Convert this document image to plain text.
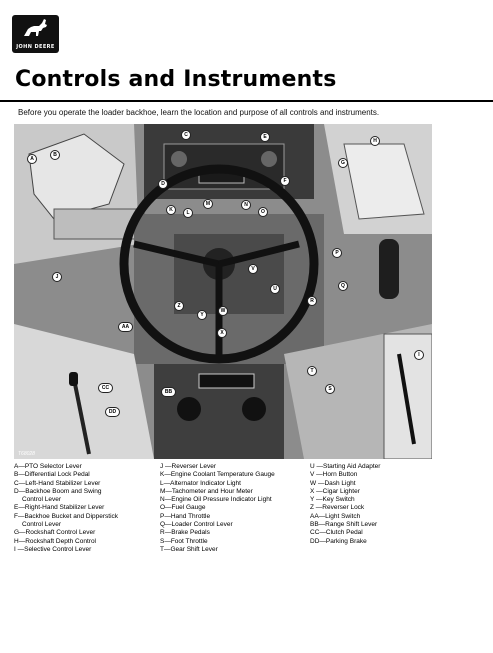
JOHN DEERE
Controls and Instruments
Before you operate the loader backhoe, learn the location and purpose of all controls and instruments.
T68028
A
B
C	E
D	F
G
H
K	L
M	N
O
J
P
Q
R
U
V
W
X
Y
Z
AA
BB
CC
DD
T
S
I
A—PTO Selector Lever
B—Differential Lock Pedal
C—Left-Hand Stabilizer Lever
D—Backhoe Boom and Swing
Control Lever
E—Right-Hand Stabilizer Lever
F—Backhoe Bucket and Dipperstick
Control Lever
G—Rockshaft Control Lever
H—Rockshaft Depth Control
I —Selective Control Lever
J —Reverser Lever
K—Engine Coolant Temperature Gauge
L—Alternator Indicator Light
M—Tachometer and Hour Meter
N—Engine Oil Pressure Indicator Light
O—Fuel Gauge
P—Hand Throttle
Q—Loader Control Lever
R—Brake Pedals
S—Foot Throttle
T—Gear Shift Lever
U —Starting Aid Adapter
V —Horn Button
W —Dash Light
X —Cigar Lighter
Y —Key Switch
Z —Reverser Lock
AA—Light Switch
BB—Range Shift Lever
CC—Clutch Pedal
DD—Parking Brake
